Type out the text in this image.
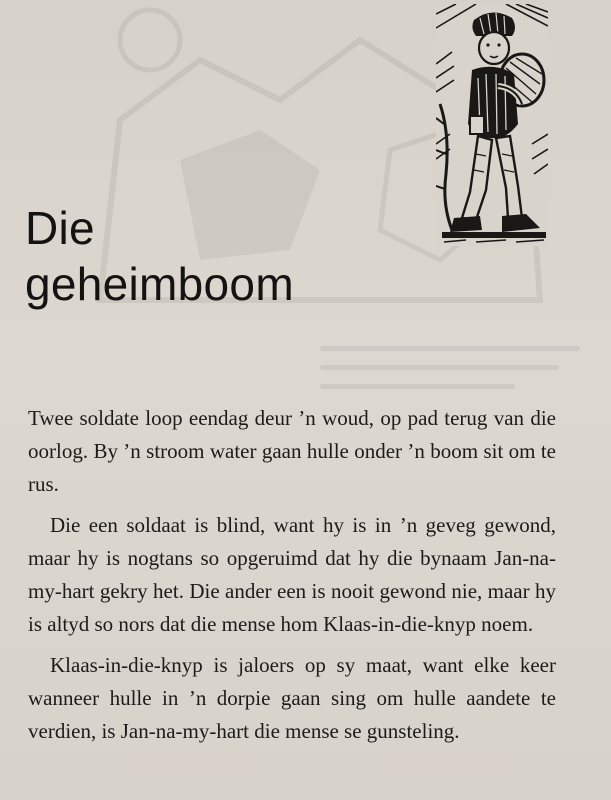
Die
geheimboom

Twee soldate loop eendag deur ’n woud, op pad terug van die oorlog. By ’n stroom water gaan hulle onder ’n boom sit om te rus.

Die een soldaat is blind, want hy is in ’n geveg gewond, maar hy is nogtans so opgeruimd dat hy die bynaam Jan-na-my-hart gekry het. Die ander een is nooit gewond nie, maar hy is altyd so nors dat die mense hom Klaas-in-die-knyp noem.

Klaas-in-die-knyp is jaloers op sy maat, want elke keer wanneer hulle in ’n dorpie gaan sing om hulle aandete te verdien, is Jan-na-my-hart die mense se gunsteling.
